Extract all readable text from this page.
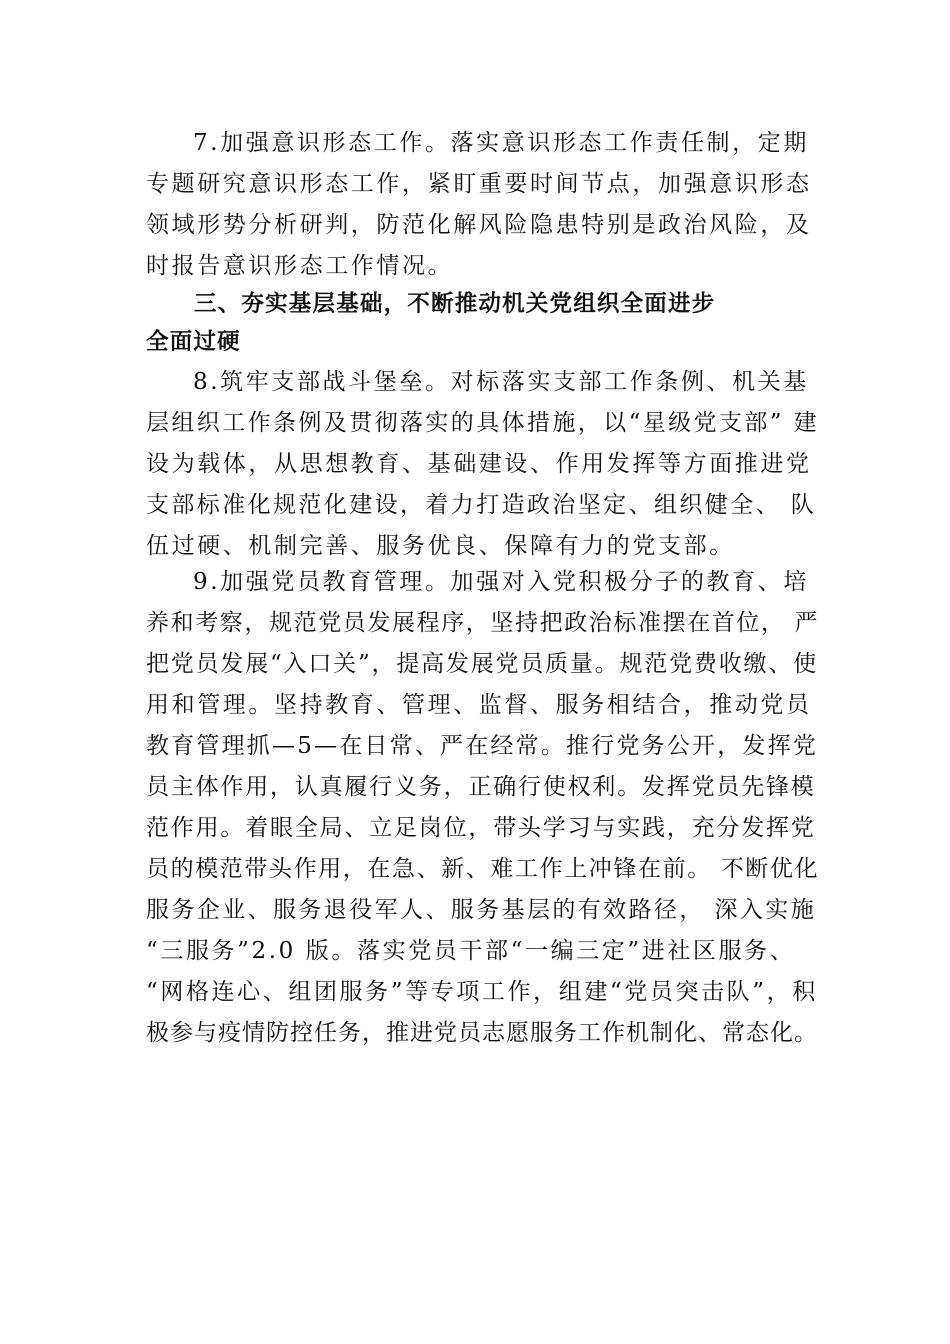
7.加强意识形态工作。落实意识形态工作责任制，定期
专题研究意识形态工作，紧盯重要时间节点，加强意识形态
领域形势分析研判，防范化解风险隐患特别是政治风险，及
时报告意识形态工作情况。
三、夯实基层基础，不断推动机关党组织全面进步
全面过硬
8.筑牢支部战斗堡垒。对标落实支部工作条例、机关基
层组织工作条例及贯彻落实的具体措施，以“星级党支部” 建
设为载体，从思想教育、基础建设、作用发挥等方面推进党
支部标准化规范化建设，着力打造政治坚定、组织健全、 队
伍过硬、机制完善、服务优良、保障有力的党支部。
9.加强党员教育管理。加强对入党积极分子的教育、培
养和考察，规范党员发展程序，坚持把政治标准摆在首位， 严
把党员发展“入口关”，提高发展党员质量。规范党费收缴、使
用和管理。坚持教育、管理、监督、服务相结合，推动党员
教育管理抓—5—在日常、严在经常。推行党务公开，发挥党
员主体作用，认真履行义务，正确行使权利。发挥党员先锋模
范作用。着眼全局、立足岗位，带头学习与实践，充分发挥党
员的模范带头作用，在急、新、难工作上冲锋在前。 不断优化
服务企业、服务退役军人、服务基层的有效路径， 深入实施
“三服务”2.0 版。落实党员干部“一编三定”进社区服务、
“网格连心、组团服务”等专项工作，组建“党员突击队”，积
极参与疫情防控任务，推进党员志愿服务工作机制化、常态化。
